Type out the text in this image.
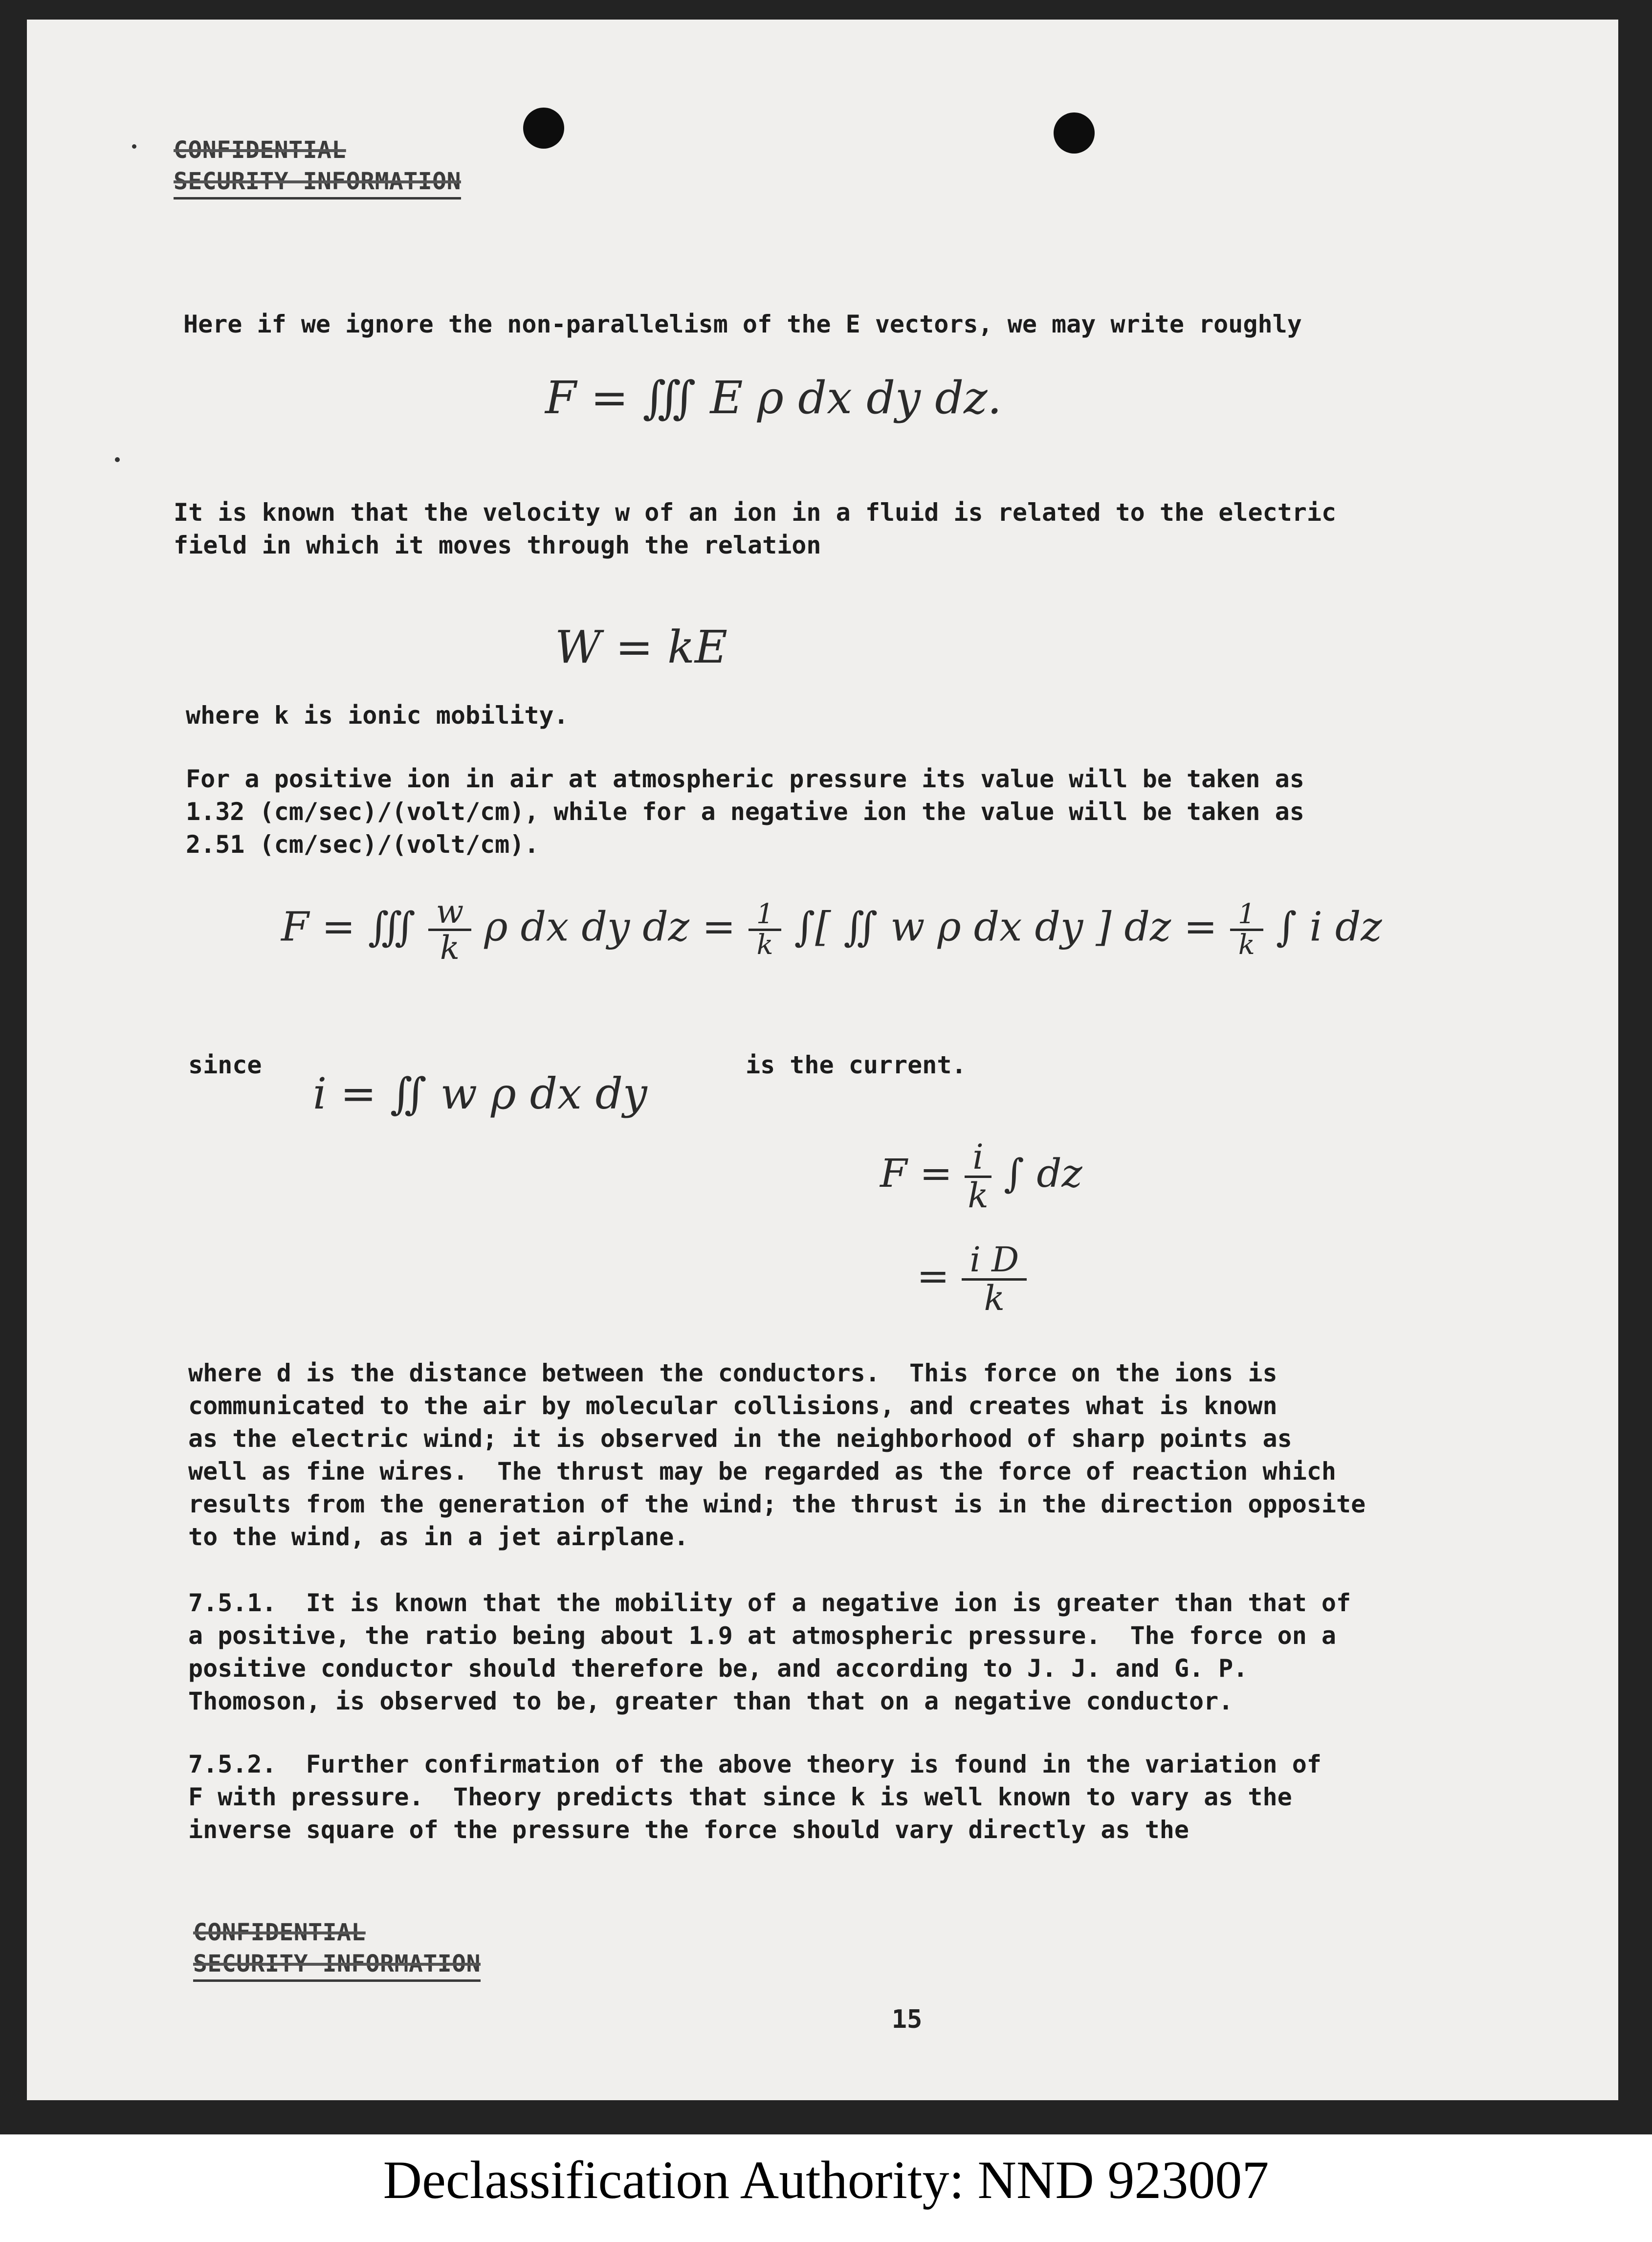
CONFIDENTIAL
SECURITY INFORMATION
Here if we ignore the non-parallelism of the E vectors, we may write roughly
F = ∭ E ρ dx dy dz.
It is known that the velocity w of an ion in a fluid is related to the electric
field in which it moves through the relation
W = kE
where k is ionic mobility.
For a positive ion in air at atmospheric pressure its value will be taken as
1.32 (cm/sec)/(volt/cm), while for a negative ion the value will be taken as
2.51 (cm/sec)/(volt/cm).
F = ∭ $\frac{w}{k}$ ρ dx dy dz = $\frac{1}{k}$ ∫[ ∬ w ρ dx dy ] dz = $\frac{1}{k}$ ∫ i dz
since
i = ∬ w ρ dx dy
is the current.
$F = \frac{i}{k}$ ∫ dz
= $\frac{\text{i D}}{k}$
where d is the distance between the conductors.  This force on the ions is
communicated to the air by molecular collisions, and creates what is known
as the electric wind; it is observed in the neighborhood of sharp points as
well as fine wires.  The thrust may be regarded as the force of reaction which
results from the generation of the wind; the thrust is in the direction opposite
to the wind, as in a jet airplane.
7.5.1.  It is known that the mobility of a negative ion is greater than that of
a positive, the ratio being about 1.9 at atmospheric pressure.  The force on a
positive conductor should therefore be, and according to J. J. and G. P.
Thomoson, is observed to be, greater than that on a negative conductor.
7.5.2.  Further confirmation of the above theory is found in the variation of
F with pressure.  Theory predicts that since k is well known to vary as the
inverse square of the pressure the force should vary directly as the
CONFIDENTIAL
SECURITY INFORMATION
15
Declassification Authority: NND 923007
